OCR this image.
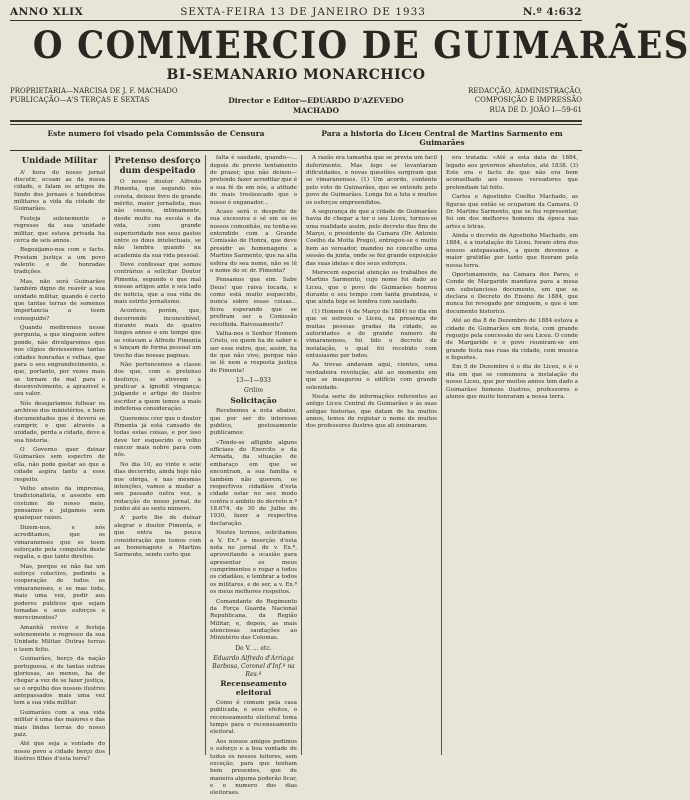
ANNO XLIX	SEXTA-FEIRA 13 DE JANEIRO DE 1933	N.º 4:632
O COMMERCIO DE GUIMARÃES
BI-SEMANARIO MONARCHICO
PROPRIETARIA—NARCISA DE J. F. MACHADO
PUBLICAÇÃO—A'S TERÇAS E SEXTAS	Director e Editor—EDUARDO D'AZEVEDO MACHADO
REDACÇÃO, ADMINISTRAÇÃO, COMPOSIÇÃO E IMPRESSÃO
RUA DE D. JOÃO I—59-61
Este numero foi visado pela Commissão de Censura	Para a historia do Liceu Central de Martins Sarmento em Guimarães
Unidade Militar

A' hora do nosso jornal discutir, ecoam as da nossa cidade, e falam os artigos de fundo dos jornaes e bandeiras militares a vida da cidade de Guimarães.

Festeja solenemente o regresso da sua unidade militar, que estava privada ha cerca de seis annos.

Regozijamo-nos com o facto. Prestam justiça a um povo valente e de honradas tradições.

Mas, não será Guimarães também digno de reavêr a sua unidade militar, quando é certo que tantas terras de somenos importancia a teem conseguido?

Quando mediremos nesse pergunta, a que ninguem sobre ponde, não divulgaremos que nos clígios deviessemos tantas cidades honradas e velhas, que para o seu engrandecimento, e que, portanto, por vezes mais se tornam de mal para o desenvolvimento, a aprazivel e seu valor.

Nós desejariamos folhear os archivos dos ministérios, e bem documentados que é deverá se cumprir, e que através a unidade, perda a cidade, deve a sua historia.

O Governo quer deixar Guimarães sem espectro de ella, não pode gastar ao que a cidade aspira tanto a esse respeito.

Velho anseio da imprensa, tradicionalista, e assente em costume do nosso meio, pensamos e julgamos sem quaisquer raizes.

Dizem-nos, e nós acreditamos, que os vimaranenses que se teem esforçado pela conquista deste regalia, e que tanto direitos.

Mas, porque se não faz um esforço colectivo, pedindo a cooperação de todos os vimaranenses, e se mas toda, mais uma vez, pedir aos poderes publicos que sejam tomadas e seus esforços e merecimentos?

Amanhã revive e festeja solenemente o regresso da sua Unidade Militar. Outras terras o teem feito.

Guimarães, berço da nação portuguesa, e de tantas outras gloriosas, ao menos, ha de chegar a vez de se fazer justiça, se o orgulho dos nossos ilustres antepassados mais uma vez tem a sua vida militar.

Guimarães com a sua vida militar é uma das maiores e das mais lindas terras do nosso paiz.

Até que seja a vontade do nosso povo a cidade berço dos ilustres filhos d'esta terra?

Pretenso desforço dum despeitado

O nosso doutor Alfredo Pimenta, que segundo nós consta, deixou livro de grande mérito, maior jornalista, mas não cessou, intimamente, desde muito na escola e da vida, com grande superioridade nos seus gastos entre os dous intelectuais, se não lembra quando na academia da sua vida pessoal.

Deve confessar que somos contrários a solicitar Doutor Pimenta, segundo o que mal nossas artigos ante o seu lado de noticia, que a sua vida de mais estrito jornalismo.

Acontece, porém, que, decorrendo inconcebível, durante mais de quatro longos annos e em tempo que se votavam a Alfredo Pimenta e lançam de forma pessoal um trecho das nossas paginas.

Não pertencemos a classe dos que, com o pretenso desforço, se atrevem a praticar a ignobil vingança; julgando o artigo do ilustre escritor a quem temos a mais indefensa consideração.

Queremos crer que o doutor Pimenta já está cansado de todas estas coisas, e por isso deve ter esquecido o velho rancor mais nobre para com nós.

No dia 10, ao vinte e sete dias decorrido, ainda hoje não nos obriga, e nas mesmas intenções, vamos a mudar a seu passado outra vez, a redacção do nosso jornal, de junho até ao sexto número.

A' parte lhe de deixar alegrar o doutor Pimenta, e que entra na pouca consideração que temos com as homenagens a Martins Sarmento, sendo certo que

falta é saudade, quando—... depois de previo tentamento de prazer, que não deixou—pretendo fazer acreditar que é a sua fé de em nós, a atitude de mais tresloucado que o nosso é enganador...

Acaso será o despeito de sua excessiva e sé em os os nossos comunhão, ou tenha-se entendido com a Grande Comissão de Honra, que deve presidir as homenagens a Martins Sarmento, que na alta esfera do seu nome, não se lê o nome do sr. dr. Pimenta?

Pensamos que sim. Sabe Deus! que raiva tocada, e como está muito esquecido, nunca sobre essas coisas... ficou esperando que se prefiram ser a Comissão recolhida. Raivosamente?

Valha-nos o Senhor Homem Cristo, ou quem ha de saber e ser esse outro, que, assim, ha de que não vivo, porque não se lê nem a resposta justiça de Pimenta!

13—1—933
Grilim
Solicitação

Recebemos a nota abaixo, que por ser do interesse publico, gostosamente publicamos:

«Tendo-se afligido alguns officiaes do Exercito e da Armada, da situação de embaraço em que se encontram, a sua família e também não querem, os respectivos cidadãos d'esta cidade estar no seu modo contra o ambito do decreto n.º 18.674, de 30 de Julho de 1930, fazer a respectiva declaração.

Nestes termos, solicitamos a V. Ex.ª a inserção d'esta nota no jornal de v. Ex.ª, aproveitando a ocasião para apresentar os meus cumprimentos e rogar a todos os cidadãos, e lembrar a todos os militares, e de ser, a v. Ex.ª os meus melhores respeitos.

Comandante do Regimento da Força Guarda Nacional Republicana, da Região Militar, e, depois, as mais atenciosas saudações ao Ministério das Colonias.

De V. ... etc.
Eduardo Alfredo d'Arriaga Barbosa, Coronel d'Inf.ª na Res.ª
Recenseamento eleitoral

Como é comum pela casa publicada, e seus efeitos, o recenseamento eleitoral toma tempo para o recenseamento eleitoral.

Aos nossos amigos pedimos o esforço e a boa vontade de todos os nossos leitores, sem exceção, para que tenham bem presentes, que de maneira alguma poderão ficar, e o numero dos dias eleitoraes.

A razão era tamanha que se previa um facil deferimento. Mas logo se levantaram dificuldades, e novas questões surgiram que se vimaranenses. (1) Um acordo, contente pelo voto de Guimarães, que se entende pelo povo de Guimarães. Longa foi a luta e muitos os esforços empreendidos.

A segurança de que a cidade de Guimarães havia de chegar a ter o seu Liceu, tornou-se uma realidade assim, pelo decreto dos fins de Março, o presidente da Camara (Dr. Antonio Coelho da Motta Prego), entregou-se e muito bem ao vereador, mandou no concelho uma sessão da junta, onde se fez grande exposição das suas ideias e dos seus esforços.

Merecem especial atenção os trabalhos de Martins Sarmento, cujo nome foi dado ao Liceu, que o povo de Guimarães honrou durante o seu tempo com tanta grandeza, o que ainda hoje se lembra com saudade.

(1) Homem (4 de Março de 1884) no dia em que se estreou o Liceu, na presença de muitas pessoas gradas da cidade, as autoridades e de grande numero de vimaranenses, foi lido o decreto de instalação, o qual foi recebido com entusiasmo por todos.

As trevas andavam aqui, cientes, uma verdadeira revolução, até ao momento em que se inaugurou o edifício com grande solenidade.

Nesta serie de informações referentes ao antigo Liceu Central de Guimarães e ás suas antigas historias, que datam de ha muitos annos, temos de registar o nome de muitos dos professores ilustres que ali ensinaram.

era tratada: «Até a esta data de 1884, legado aos governos absolutos, até 1838. (3) Este era o facto de que não era bem aconselhado aos nossos vereadores que pretendiam tal feito.

Carlos e Agostinho Coelho Machado, as figuras que então se ocuparam da Camara. O Dr. Martins Sarmento, que se fez representar, foi um dos melhores homens da época nas artes e letras.

Ainda o decreto de Agostinho Machado, em 1884, e a instalação do Liceu, foram obra dos nossos antepassados, a quem devemos a maior gratidão por tanto que fizeram pela nossa terra.

Oportunamente, na Camara dos Pares, o Conde de Margaride mandava para a mesa um substancioso documento, em que se declara o Decreto do Ensino de 1884, que nunca foi revogado por ninguem, e que é um documento historico.

Até ao dia 8 de Dezembro de 1884 estava a cidade de Guimarães em festa, com grande regozijo pela concessão do seu Liceu. O conde de Margaride e o povo reuniram-se em grande festa nas ruas da cidade, com musica e foguetes.

Em 5 de Dezembro é o dia do Liceu, e é o dia em que se comemora a instalação do nosso Liceu, que por muitos annos tem dado a Guimarães homens ilustres, professores e alunos que muito honraram a nossa terra.
